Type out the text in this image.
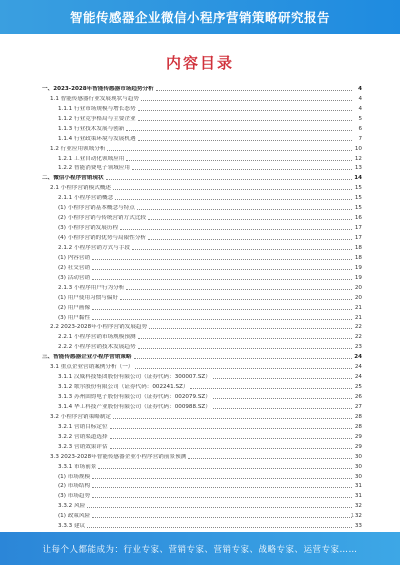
智能传感器企业微信小程序营销策略研究报告
内容目录
一、2023-2028年智能传感器市场趋势分析	4
1.1 智能传感器行业发展现状与趋势	4
1.1.1 行业市场规模与增长态势	4
1.1.2 行业竞争格局与主要企业	5
1.1.3 行业技术发展与创新	6
1.1.4 行业政策环境与发展机遇	7
1.2 行业应用领域分析	10
1.2.1 工业自动化领域应用	12
1.2.2 智能消费电子领域应用	13
二、微信小程序营销现状	14
2.1 小程序营销模式概述	15
2.1.1 小程序营销概念	15
(1) 小程序营销基本概念与特点	15
(2) 小程序营销与传统营销方式比较	16
(3) 小程序营销发展历程	17
(4) 小程序营销的优势与局限性分析	17
2.1.2 小程序营销方式与手段	18
(1) 内容营销	18
(2) 社交营销	19
(3) 活动营销	19
2.1.3 小程序用户行为分析	20
(1) 用户使用习惯与偏好	20
(2) 用户画像	21
(3) 用户黏性	21
2.2 2023-2028年小程序营销发展趋势	22
2.2.1 小程序营销市场规模预测	22
2.2.2 小程序营销技术发展趋势	23
三、智能传感器企业小程序营销策略	24
3.1 重点企业营销案例分析（一）	24
3.1.1 汉威科技集团股份有限公司（证券代码：300007.SZ）	24
3.1.2 歌尔股份有限公司（证券代码：002241.SZ）	25
3.1.3 苏州固锝电子股份有限公司（证券代码：002079.SZ）	26
3.1.4 华工科技产业股份有限公司（证券代码：000988.SZ）	27
3.2 小程序营销策略制定	28
3.2.1 营销目标定位	28
3.2.2 营销渠道选择	29
3.2.3 营销效果评估	29
3.3 2023-2028年智能传感器企业小程序营销前景预测	30
3.3.1 市场前景	30
(1) 市场规模	30
(2) 市场结构	31
(3) 市场趋势	31
3.3.2 风险	32
(1) 政策风险	32
3.3.3 建议	33
1
让每个人都能成为：行业专家、营销专家、营销专家、战略专家、运营专家……
